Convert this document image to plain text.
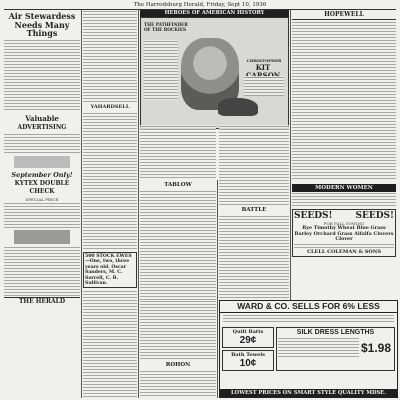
The Harrodsburg Herald, Friday, Sept 10, 1936
Air Stewardess Needs Many Things
Valuable
ADVERTISING
September Only!
KYTEX DOUBLE CHECK
SPECIAL PRICE
THE HERALD
YAHARDSELL
500 STOCK EWES—One, two, three years old. Oscar Sanders, M. C. Sorrell, C. B. Sullivan.
HEROES OF AMERICAN HISTORY
THE PATHFINDER OF THE ROCKIES
CHRISTOPHER
KIT
TABLOW
BATTLE
HOPEWELL
MODERN WOMEN
SEEDS!	SEEDS!
FOR FALL SOWING
Rye Timothy Wheat Blue Grass Barley Orchard Grass Alfalfa Clovers Clover
CLELL COLEMAN & SONS
WARD & CO. SELLS FOR 6% LESS
Quilt Batts
29¢
Bath Towels
10¢
SILK DRESS LENGTHS
$1.98
LOWEST PRICES ON SMART STYLE QUALITY MDSE.
ROHON
